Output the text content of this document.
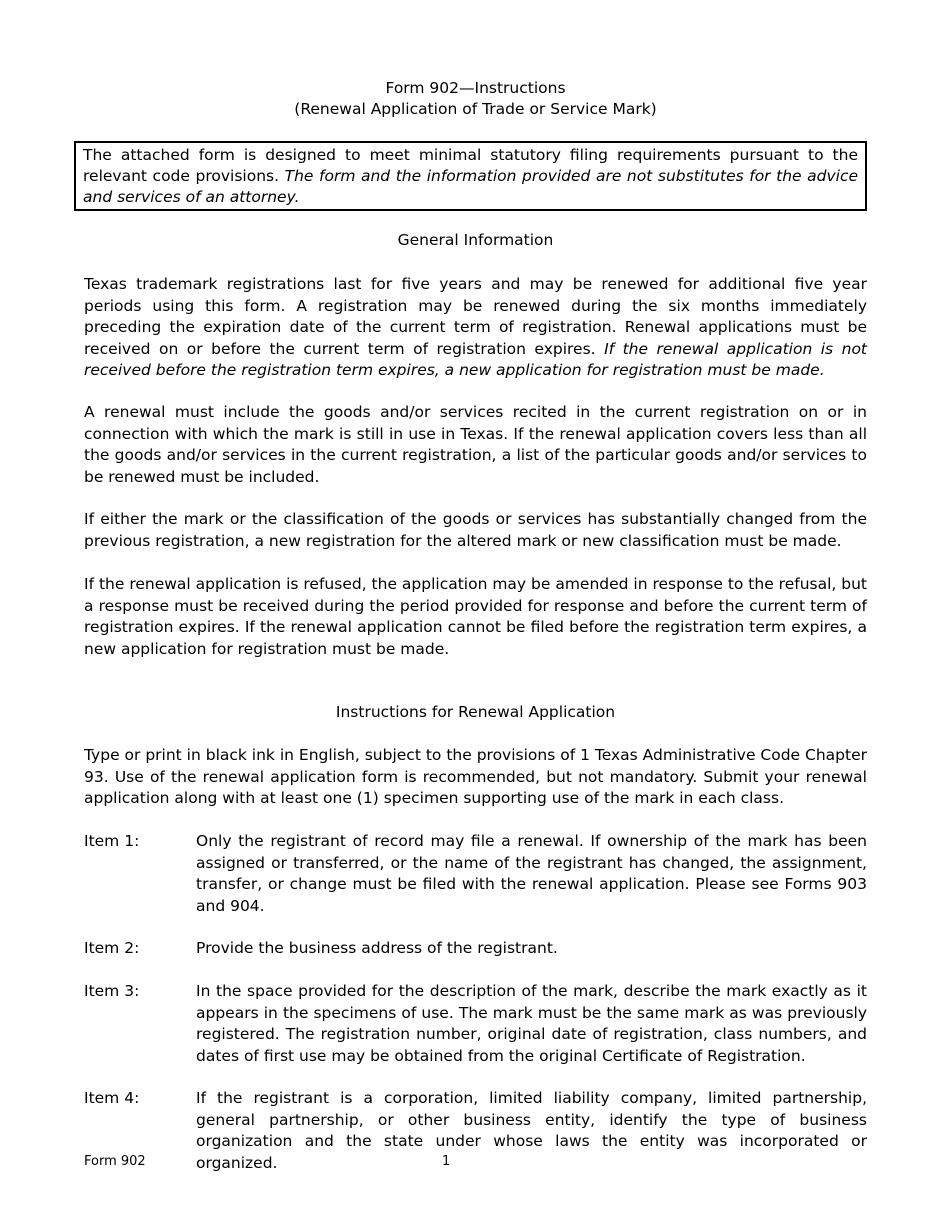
Form 902—Instructions
(Renewal Application of Trade or Service Mark)
The attached form is designed to meet minimal statutory filing requirements pursuant to the relevant code provisions. The form and the information provided are not substitutes for the advice and services of an attorney.
General Information
Texas trademark registrations last for five years and may be renewed for additional five year periods using this form. A registration may be renewed during the six months immediately preceding the expiration date of the current term of registration. Renewal applications must be received on or before the current term of registration expires. If the renewal application is not received before the registration term expires, a new application for registration must be made.
A renewal must include the goods and/or services recited in the current registration on or in connection with which the mark is still in use in Texas. If the renewal application covers less than all the goods and/or services in the current registration, a list of the particular goods and/or services to be renewed must be included.
If either the mark or the classification of the goods or services has substantially changed from the previous registration, a new registration for the altered mark or new classification must be made.
If the renewal application is refused, the application may be amended in response to the refusal, but a response must be received during the period provided for response and before the current term of registration expires. If the renewal application cannot be filed before the registration term expires, a new application for registration must be made.
Instructions for Renewal Application
Type or print in black ink in English, subject to the provisions of 1 Texas Administrative Code Chapter 93. Use of the renewal application form is recommended, but not mandatory. Submit your renewal application along with at least one (1) specimen supporting use of the mark in each class.
Item 1:	Only the registrant of record may file a renewal. If ownership of the mark has been assigned or transferred, or the name of the registrant has changed, the assignment, transfer, or change must be filed with the renewal application. Please see Forms 903 and 904.
Item 2:	Provide the business address of the registrant.
Item 3:	In the space provided for the description of the mark, describe the mark exactly as it appears in the specimens of use. The mark must be the same mark as was previously registered. The registration number, original date of registration, class numbers, and dates of first use may be obtained from the original Certificate of Registration.
Item 4:	If the registrant is a corporation, limited liability company, limited partnership, general partnership, or other business entity, identify the type of business organization and the state under whose laws the entity was incorporated or organized.
Form 902	1
